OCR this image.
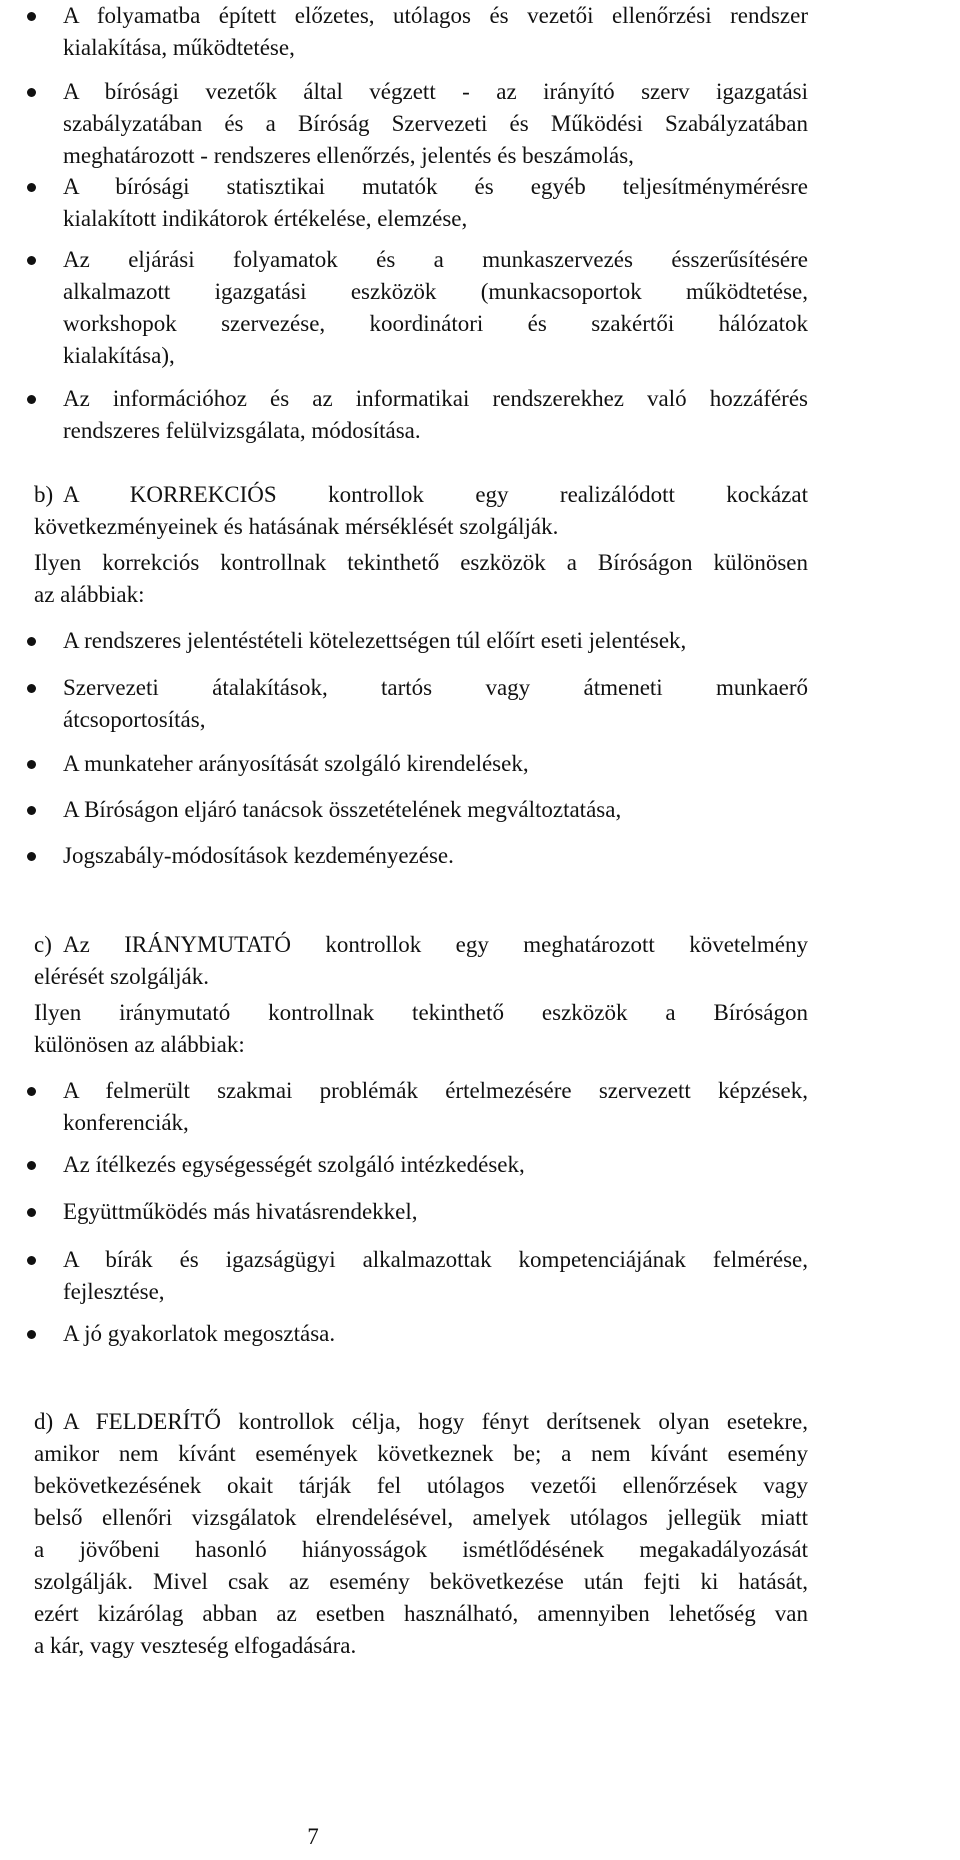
A folyamatba épített előzetes, utólagos és vezetői ellenőrzési rendszer
kialakítása, működtetése,
A bírósági vezetők által végzett - az irányító szerv igazgatási
szabályzatában és a Bíróság Szervezeti és Működési Szabályzatában
meghatározott - rendszeres ellenőrzés, jelentés és beszámolás,
A bírósági statisztikai mutatók és egyéb teljesítménymérésre
kialakított indikátorok értékelése, elemzése,
Az eljárási folyamatok és a munkaszervezés ésszerűsítésére
alkalmazott igazgatási eszközök (munkacsoportok működtetése,
workshopok szervezése, koordinátori és szakértői hálózatok
kialakítása),
Az információhoz és az informatikai rendszerekhez való hozzáférés
rendszeres felülvizsgálata, módosítása.
b) A KORREKCIÓS kontrollok egy realizálódott kockázat
következményeinek és hatásának mérséklését szolgálják.
Ilyen korrekciós kontrollnak tekinthető eszközök a Bíróságon különösen
az alábbiak:
A rendszeres jelentéstételi kötelezettségen túl előírt eseti jelentések,
Szervezeti átalakítások, tartós vagy átmeneti munkaerő
átcsoportosítás,
A munkateher arányosítását szolgáló kirendelések,
A Bíróságon eljáró tanácsok összetételének megváltoztatása,
Jogszabály-módosítások kezdeményezése.
c) Az IRÁNYMUTATÓ kontrollok egy meghatározott követelmény
elérését szolgálják.
Ilyen iránymutató kontrollnak tekinthető eszközök a Bíróságon
különösen az alábbiak:
A felmerült szakmai problémák értelmezésére szervezett képzések,
konferenciák,
Az ítélkezés egységességét szolgáló intézkedések,
Együttműködés más hivatásrendekkel,
A bírák és igazságügyi alkalmazottak kompetenciájának felmérése,
fejlesztése,
A jó gyakorlatok megosztása.
d) A FELDERÍTŐ kontrollok célja, hogy fényt derítsenek olyan esetekre,
amikor nem kívánt események következnek be; a nem kívánt esemény
bekövetkezésének okait tárják fel utólagos vezetői ellenőrzések vagy
belső ellenőri vizsgálatok elrendelésével, amelyek utólagos jellegük miatt
a jövőbeni hasonló hiányosságok ismétlődésének megakadályozását
szolgálják. Mivel csak az esemény bekövetkezése után fejti ki hatását,
ezért kizárólag abban az esetben használható, amennyiben lehetőség van
a kár, vagy veszteség elfogadására.
7
